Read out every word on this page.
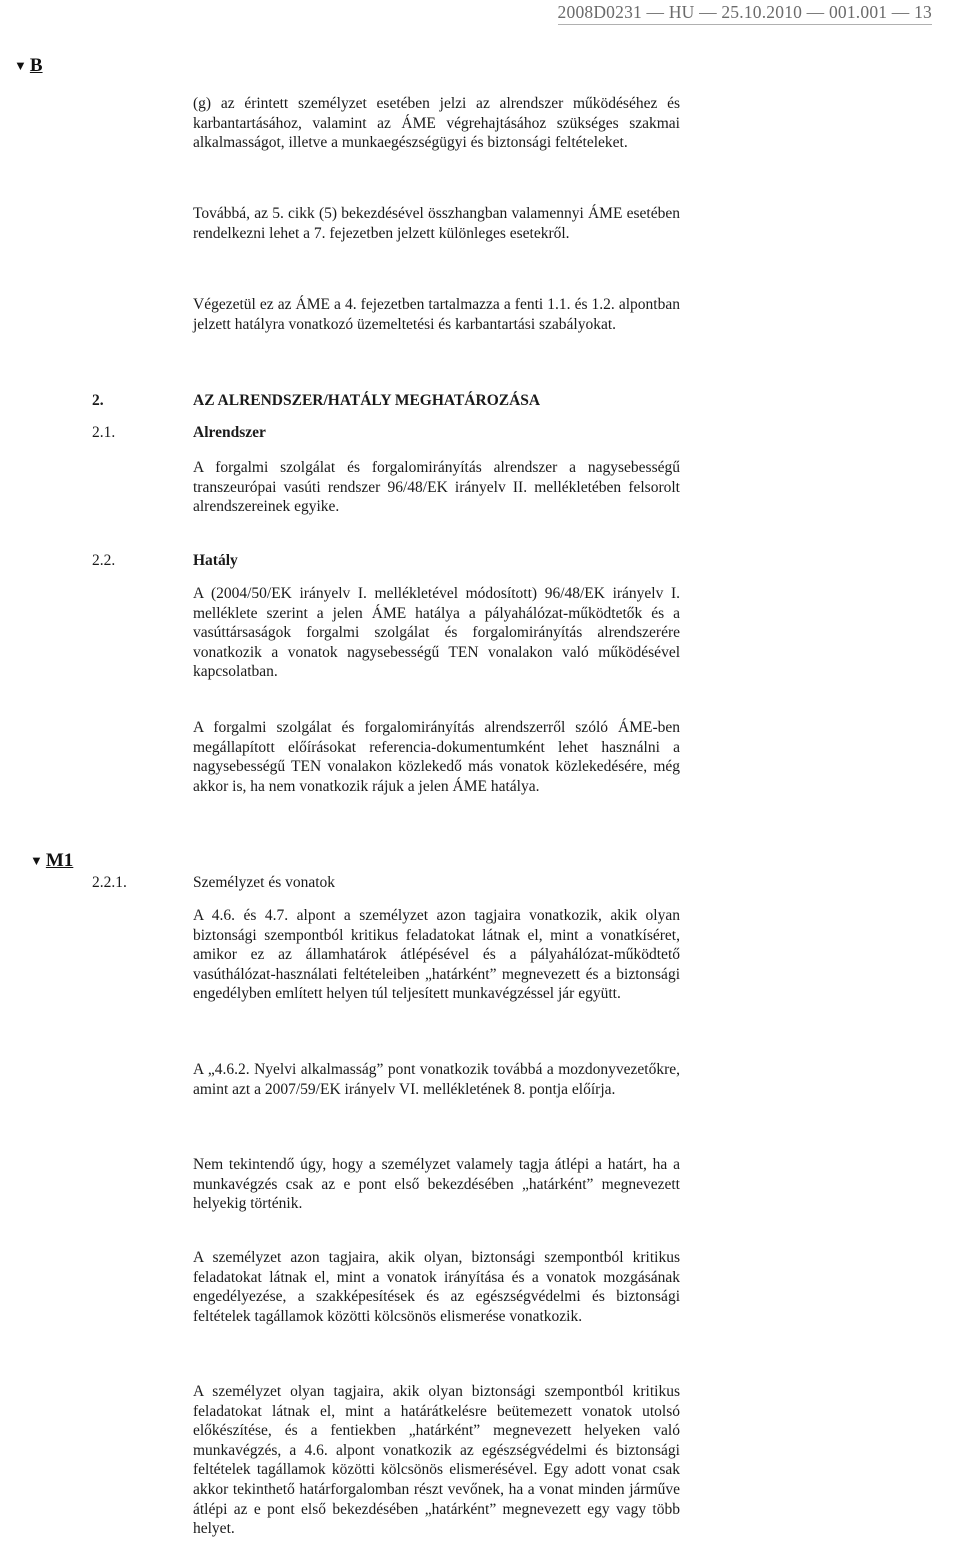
2008D0231 — HU — 25.10.2010 — 001.001 — 13
▼ B

(g) az érintett személyzet esetében jelzi az alrendszer működéséhez és karbantartásához, valamint az ÁME végrehajtásához szükséges szakmai alkalmasságot, illetve a munkaegészségügyi és biztonsági feltételeket.

Továbbá, az 5. cikk (5) bekezdésével összhangban valamennyi ÁME esetében rendelkezni lehet a 7. fejezetben jelzett különleges esetekről.

Végezetül ez az ÁME a 4. fejezetben tartalmazza a fenti 1.1. és 1.2. alpontban jelzett hatályra vonatkozó üzemeltetési és karbantartási szabályokat.

2.	AZ ALRENDSZER/HATÁLY MEGHATÁROZÁSA
2.1.	Alrendszer

A forgalmi szolgálat és forgalomirányítás alrendszer a nagysebességű transzeurópai vasúti rendszer 96/48/EK irányelv II. mellékletében felsorolt alrendszereinek egyike.

2.2.	Hatály

A (2004/50/EK irányelv I. mellékletével módosított) 96/48/EK irányelv I. melléklete szerint a jelen ÁME hatálya a pályahálózat-működtetők és a vasúttársaságok forgalmi szolgálat és forgalomirányítás alrendszerére vonatkozik a vonatok nagysebességű TEN vonalakon való működésével kapcsolatban.

A forgalmi szolgálat és forgalomirányítás alrendszerről szóló ÁME-ben megállapított előírásokat referencia-dokumentumként lehet használni a nagysebességű TEN vonalakon közlekedő más vonatok közlekedésére, még akkor is, ha nem vonatkozik rájuk a jelen ÁME hatálya.

▼ M1
2.2.1.	Személyzet és vonatok

A 4.6. és 4.7. alpont a személyzet azon tagjaira vonatkozik, akik olyan biztonsági szempontból kritikus feladatokat látnak el, mint a vonatkíséret, amikor ez az államhatárok átlépésével és a pályahálózat-működtető vasúthálózat-használati feltételeiben „határként” megnevezett és a biztonsági engedélyben említett helyen túl teljesített munkavégzéssel jár együtt.

A „4.6.2. Nyelvi alkalmasság” pont vonatkozik továbbá a mozdonyvezetőkre, amint azt a 2007/59/EK irányelv VI. mellékletének 8. pontja előírja.

Nem tekintendő úgy, hogy a személyzet valamely tagja átlépi a határt, ha a munkavégzés csak az e pont első bekezdésében „határként” megnevezett helyekig történik.

A személyzet azon tagjaira, akik olyan, biztonsági szempontból kritikus feladatokat látnak el, mint a vonatok irányítása és a vonatok mozgásának engedélyezése, a szakképesítések és az egészségvédelmi és biztonsági feltételek tagállamok közötti kölcsönös elismerése vonatkozik.

A személyzet olyan tagjaira, akik olyan biztonsági szempontból kritikus feladatokat látnak el, mint a határátkelésre beütemezett vonatok utolsó előkészítése, és a fentiekben „határként” megnevezett helyeken való munkavégzés, a 4.6. alpont vonatkozik az egészségvédelmi és biztonsági feltételek tagállamok közötti kölcsönös elismerésével. Egy adott vonat csak akkor tekinthető határforgalomban részt vevőnek, ha a vonat minden járműve átlépi az e pont első bekezdésében „határként” megnevezett egy vagy több helyet.
